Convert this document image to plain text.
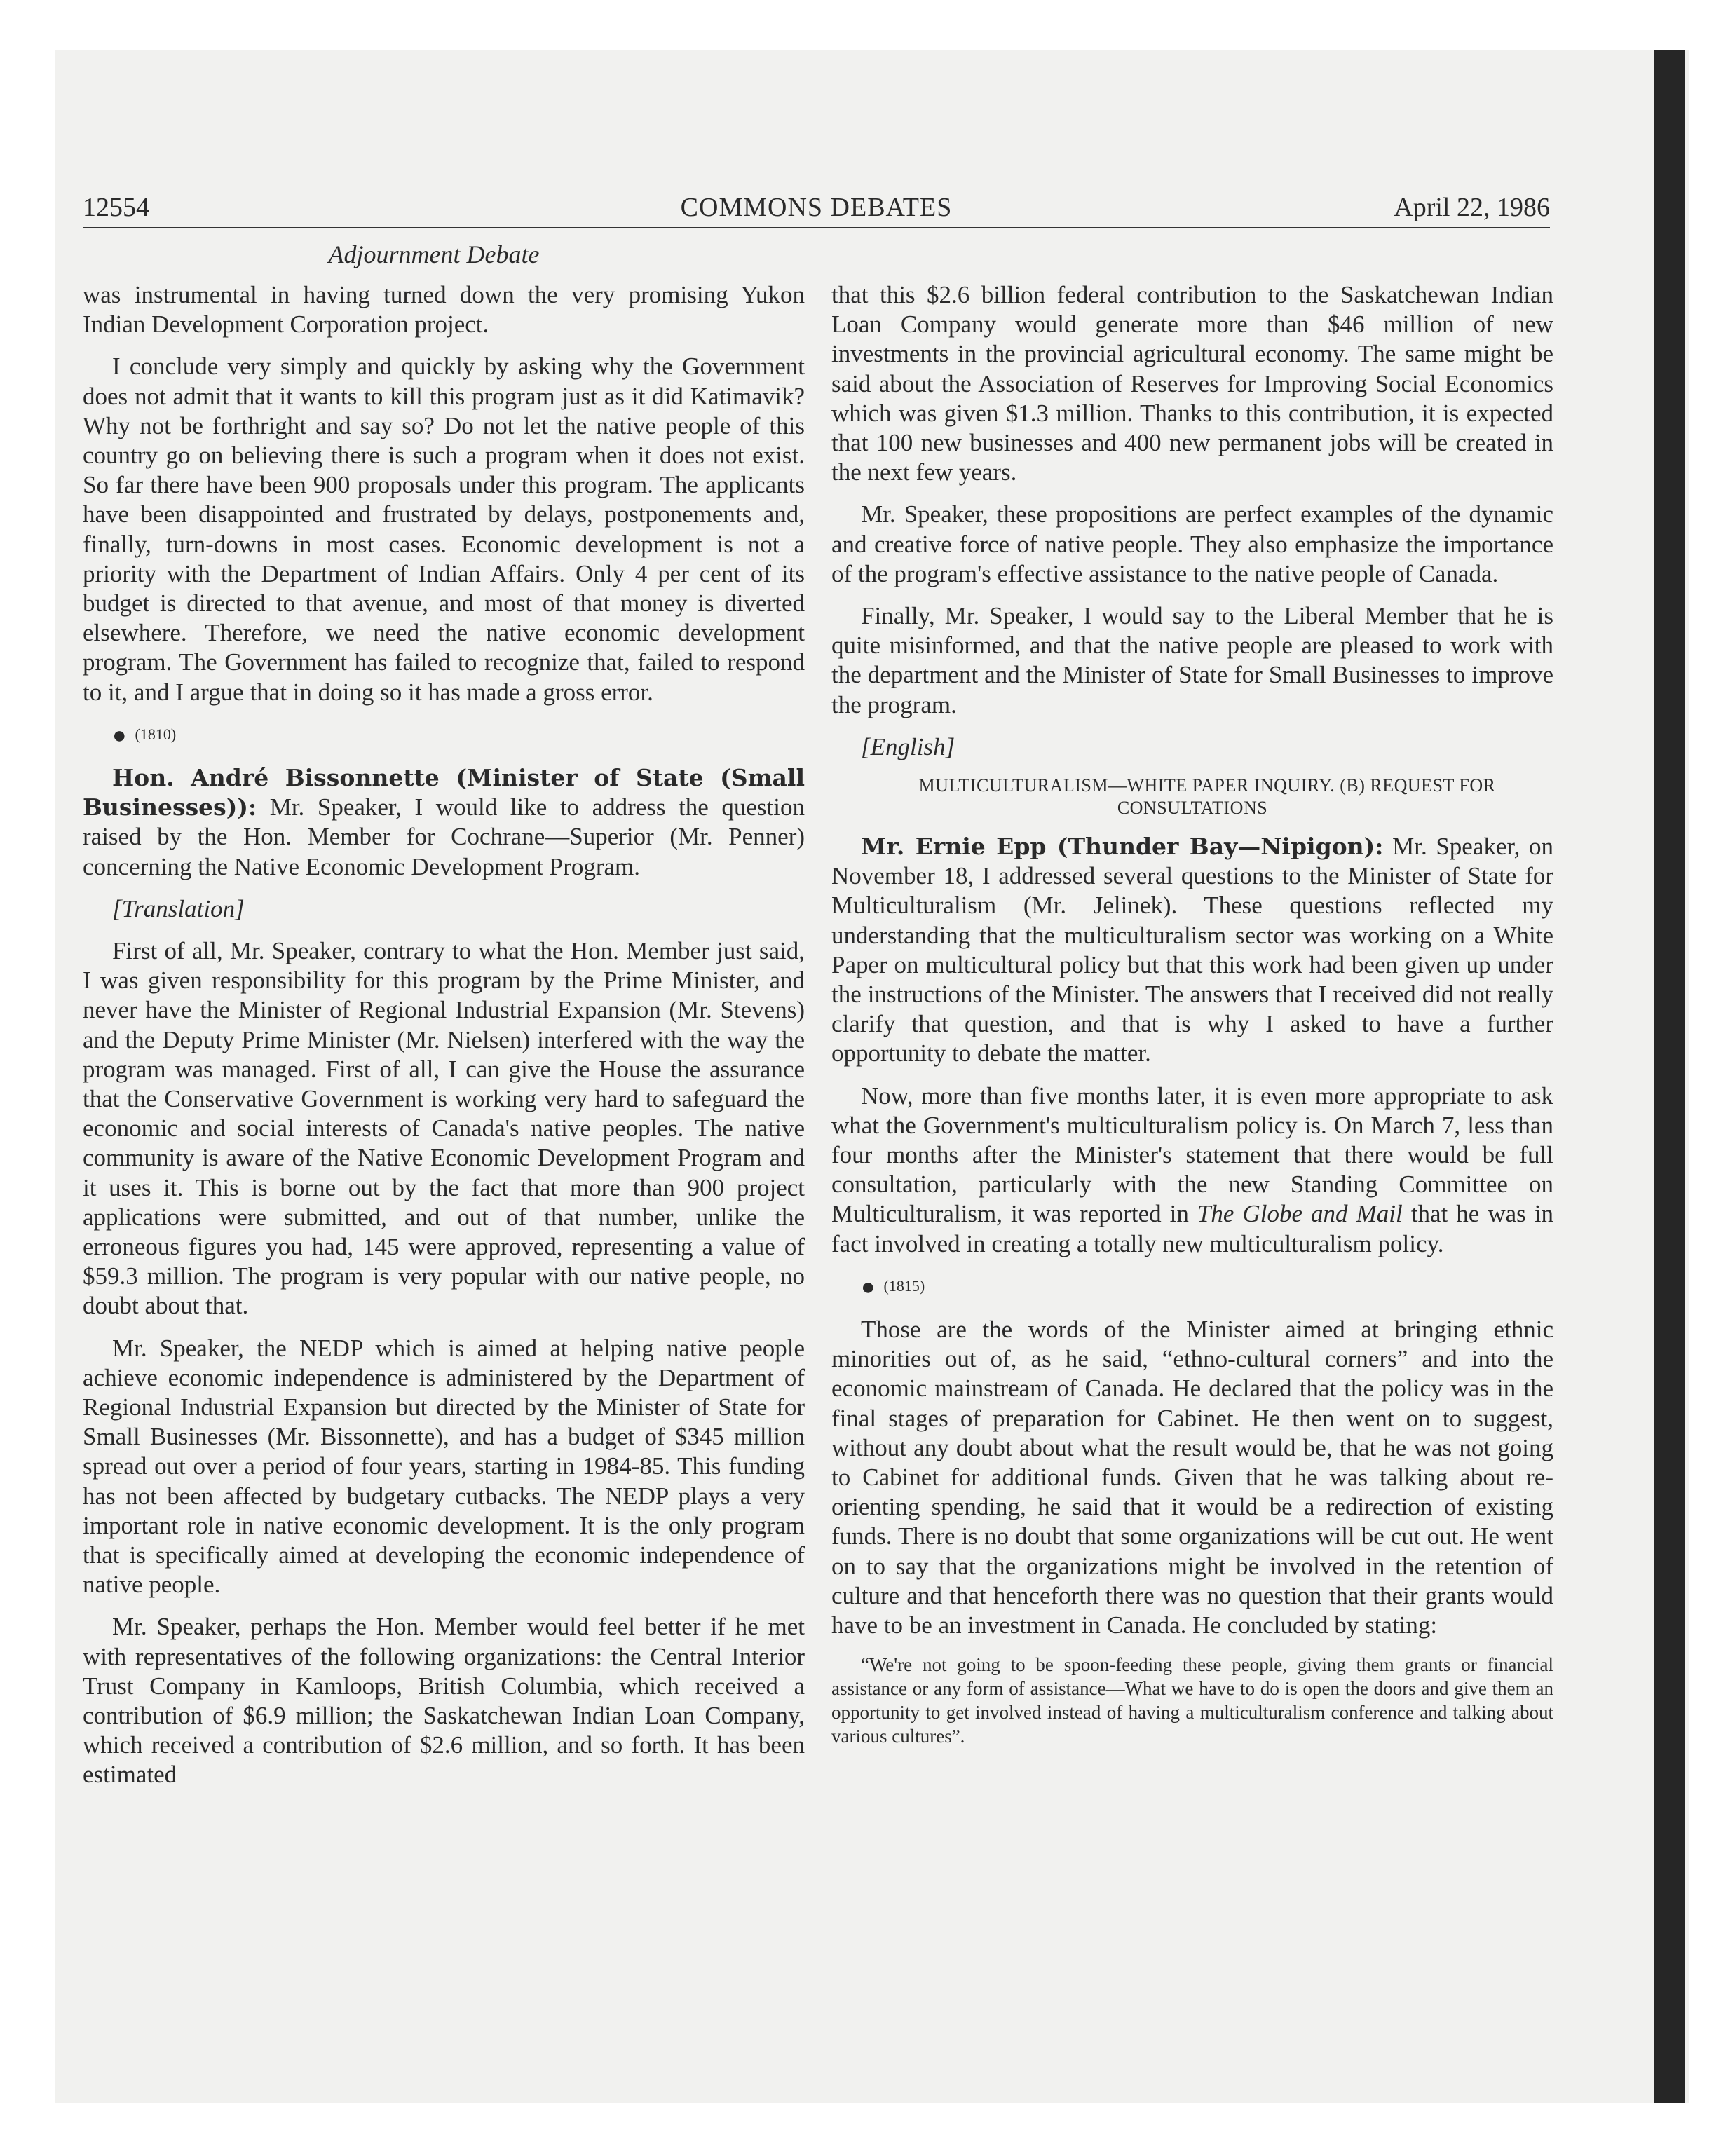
12554	COMMONS DEBATES	April 22, 1986
Adjournment Debate

was instrumental in having turned down the very promising Yukon Indian Development Corporation project.

I conclude very simply and quickly by asking why the Government does not admit that it wants to kill this program just as it did Katimavik? Why not be forthright and say so? Do not let the native people of this country go on believing there is such a program when it does not exist. So far there have been 900 proposals under this program. The applicants have been disappointed and frustrated by delays, postponements and, finally, turn-downs in most cases. Economic development is not a priority with the Department of Indian Affairs. Only 4 per cent of its budget is directed to that avenue, and most of that money is diverted elsewhere. Therefore, we need the native economic development program. The Government has failed to recognize that, failed to respond to it, and I argue that in doing so it has made a gross error.

● (1810)

Hon. André Bissonnette (Minister of State (Small Businesses)): Mr. Speaker, I would like to address the question raised by the Hon. Member for Cochrane—Superior (Mr. Penner) concerning the Native Economic Development Program.

[Translation]

First of all, Mr. Speaker, contrary to what the Hon. Member just said, I was given responsibility for this program by the Prime Minister, and never have the Minister of Regional Industrial Expansion (Mr. Stevens) and the Deputy Prime Minister (Mr. Nielsen) interfered with the way the program was managed. First of all, I can give the House the assurance that the Conservative Government is working very hard to safeguard the economic and social interests of Canada's native peoples. The native community is aware of the Native Economic Development Program and it uses it. This is borne out by the fact that more than 900 project applications were submitted, and out of that number, unlike the erroneous figures you had, 145 were approved, representing a value of $59.3 million. The program is very popular with our native people, no doubt about that.

Mr. Speaker, the NEDP which is aimed at helping native people achieve economic independence is administered by the Department of Regional Industrial Expansion but directed by the Minister of State for Small Businesses (Mr. Bissonnette), and has a budget of $345 million spread out over a period of four years, starting in 1984-85. This funding has not been affected by budgetary cutbacks. The NEDP plays a very important role in native economic development. It is the only program that is specifically aimed at developing the economic independence of native people.

Mr. Speaker, perhaps the Hon. Member would feel better if he met with representatives of the following organizations: the Central Interior Trust Company in Kamloops, British Columbia, which received a contribution of $6.9 million; the Saskatchewan Indian Loan Company, which received a contribution of $2.6 million, and so forth. It has been estimated

that this $2.6 billion federal contribution to the Saskatchewan Indian Loan Company would generate more than $46 million of new investments in the provincial agricultural economy. The same might be said about the Association of Reserves for Improving Social Economics which was given $1.3 million. Thanks to this contribution, it is expected that 100 new businesses and 400 new permanent jobs will be created in the next few years.

Mr. Speaker, these propositions are perfect examples of the dynamic and creative force of native people. They also emphasize the importance of the program's effective assistance to the native people of Canada.

Finally, Mr. Speaker, I would say to the Liberal Member that he is quite misinformed, and that the native people are pleased to work with the department and the Minister of State for Small Businesses to improve the program.

[English]

MULTICULTURALISM—WHITE PAPER INQUIRY. (B) REQUEST FOR CONSULTATIONS

Mr. Ernie Epp (Thunder Bay—Nipigon): Mr. Speaker, on November 18, I addressed several questions to the Minister of State for Multiculturalism (Mr. Jelinek). These questions reflected my understanding that the multiculturalism sector was working on a White Paper on multicultural policy but that this work had been given up under the instructions of the Minister. The answers that I received did not really clarify that question, and that is why I asked to have a further opportunity to debate the matter.

Now, more than five months later, it is even more appropriate to ask what the Government's multiculturalism policy is. On March 7, less than four months after the Minister's statement that there would be full consultation, particularly with the new Standing Committee on Multiculturalism, it was reported in The Globe and Mail that he was in fact involved in creating a totally new multiculturalism policy.

● (1815)

Those are the words of the Minister aimed at bringing ethnic minorities out of, as he said, “ethno-cultural corners” and into the economic mainstream of Canada. He declared that the policy was in the final stages of preparation for Cabinet. He then went on to suggest, without any doubt about what the result would be, that he was not going to Cabinet for additional funds. Given that he was talking about re-orienting spending, he said that it would be a redirection of existing funds. There is no doubt that some organizations will be cut out. He went on to say that the organizations might be involved in the retention of culture and that henceforth there was no question that their grants would have to be an investment in Canada. He concluded by stating:

“We're not going to be spoon-feeding these people, giving them grants or financial assistance or any form of assistance—What we have to do is open the doors and give them an opportunity to get involved instead of having a multiculturalism conference and talking about various cultures”.
